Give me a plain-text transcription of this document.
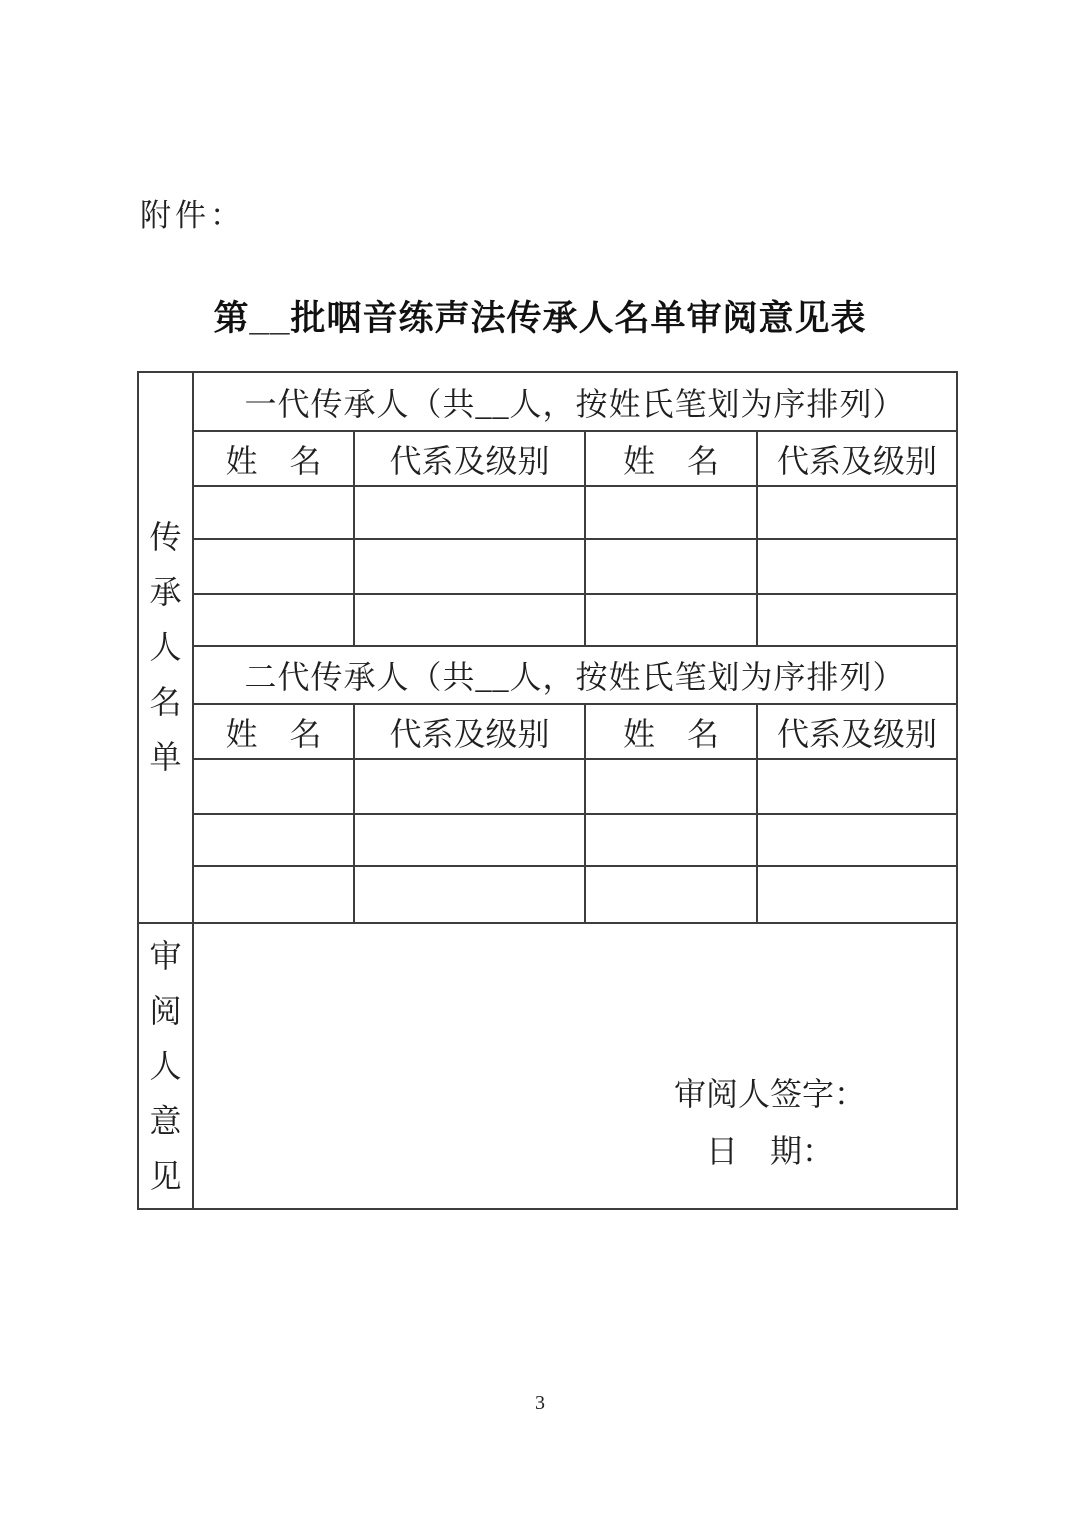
附件：
第__批咽音练声法传承人名单审阅意见表
传承人名单	一代传承人（共__人，按姓氏笔划为序排列）			
	姓　名	代系及级别	姓　名	代系及级别

	二代传承人（共__人，按姓氏笔划为序排列）			
	姓　名	代系及级别	姓　名	代系及级别

审阅人意见	审阅人签字：
日　期：			
3
